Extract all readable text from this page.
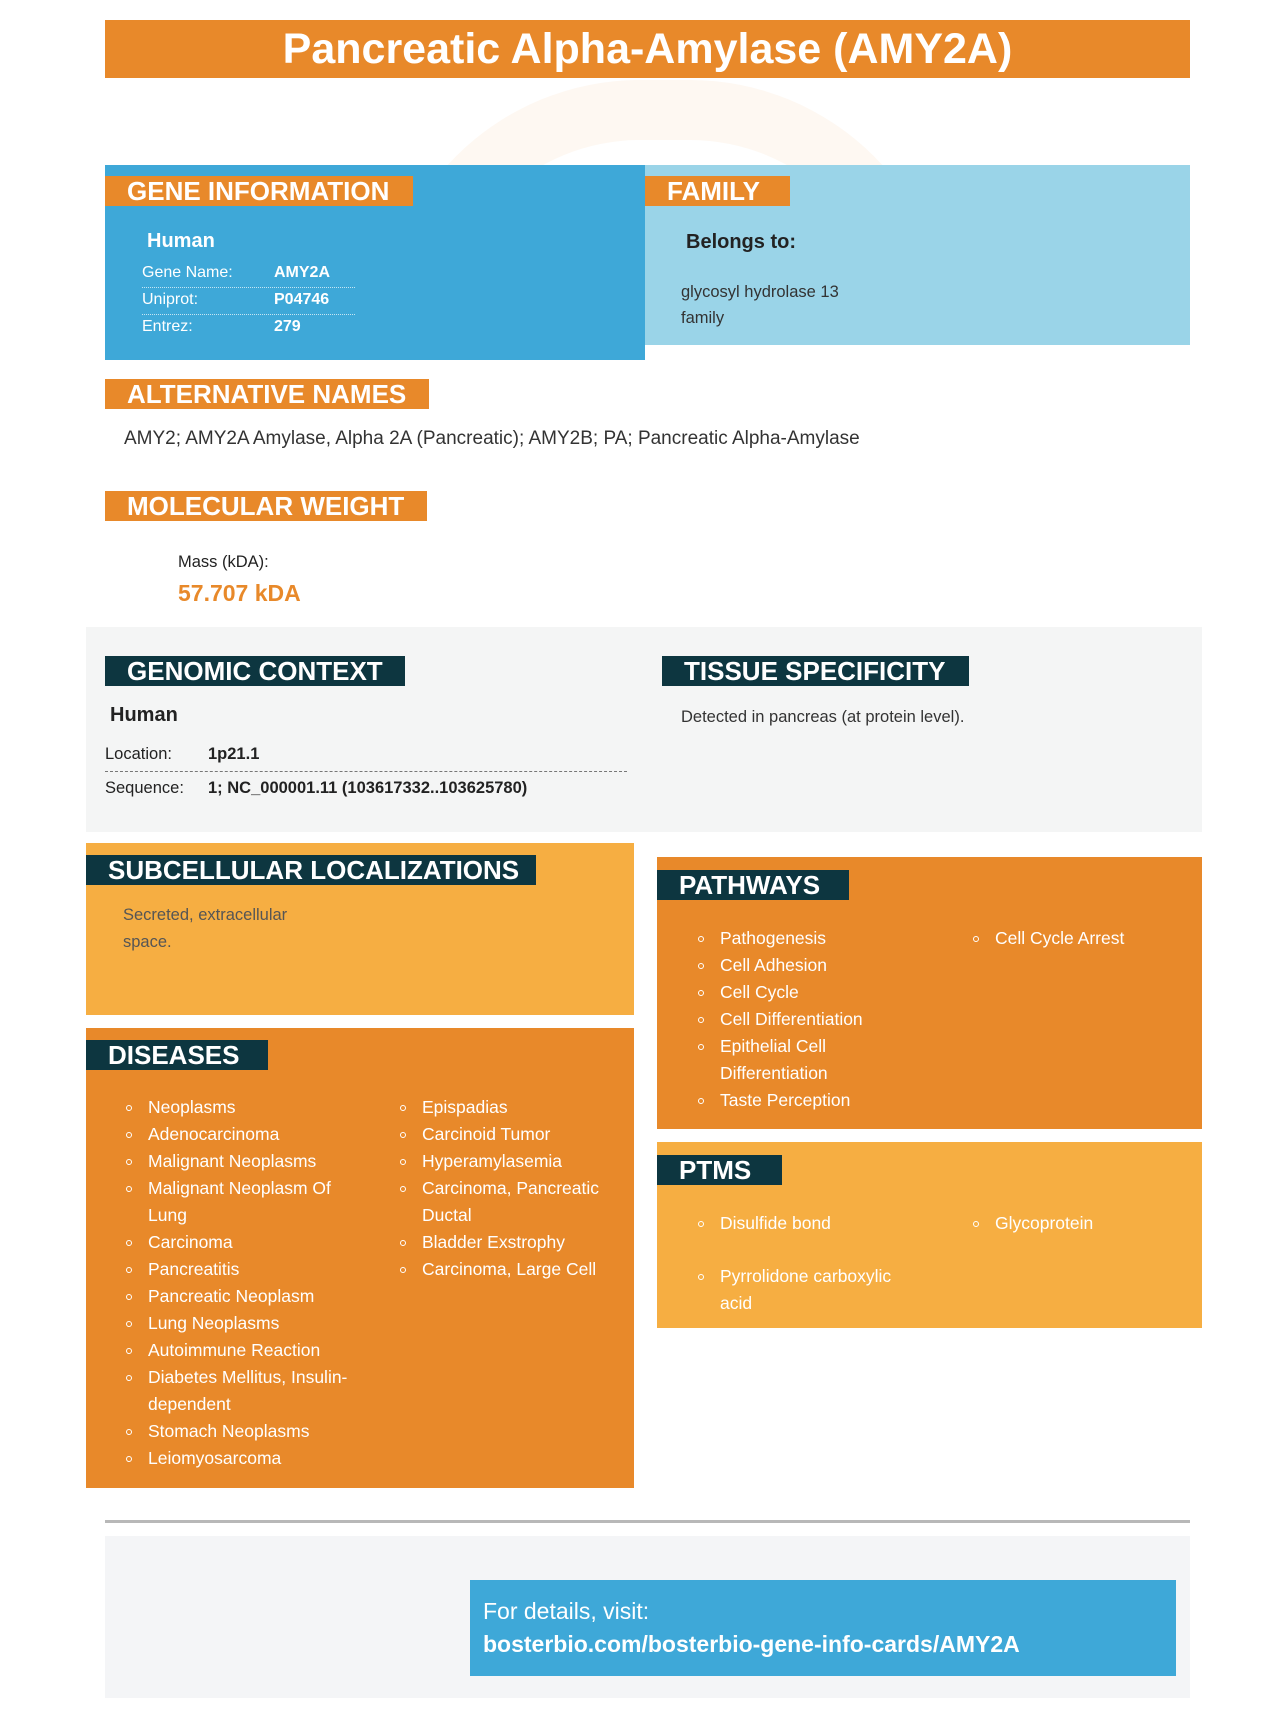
Pancreatic Alpha-Amylase (AMY2A)
GENE INFORMATION
Human
Gene Name:	AMY2A
Uniprot:	P04746
Entrez:	279
FAMILY
Belongs to:
glycosyl hydrolase 13
family
ALTERNATIVE NAMES
AMY2; AMY2A Amylase, Alpha 2A (Pancreatic); AMY2B; PA; Pancreatic Alpha-Amylase
MOLECULAR WEIGHT
Mass (kDA):
57.707 kDA
GENOMIC CONTEXT
Human
Location: 1p21.1
Sequence: 1; NC_000001.11 (103617332..103625780)
TISSUE SPECIFICITY
Detected in pancreas (at protein level).
SUBCELLULAR LOCALIZATIONS
Secreted, extracellular
space.
DISEASES
Neoplasms
Adenocarcinoma
Malignant Neoplasms
Malignant Neoplasm Of Lung
Carcinoma
Pancreatitis
Pancreatic Neoplasm
Lung Neoplasms
Autoimmune Reaction
Diabetes Mellitus, Insulin-dependent
Stomach Neoplasms
Leiomyosarcoma
Epispadias
Carcinoid Tumor
Hyperamylasemia
Carcinoma, Pancreatic Ductal
Bladder Exstrophy
Carcinoma, Large Cell
PATHWAYS
Pathogenesis
Cell Adhesion
Cell Cycle
Cell Differentiation
Epithelial Cell Differentiation
Taste Perception
Cell Cycle Arrest
PTMS
Disulfide bond
Pyrrolidone carboxylic acid
Glycoprotein
For details, visit:
bosterbio.com/bosterbio-gene-info-cards/AMY2A
